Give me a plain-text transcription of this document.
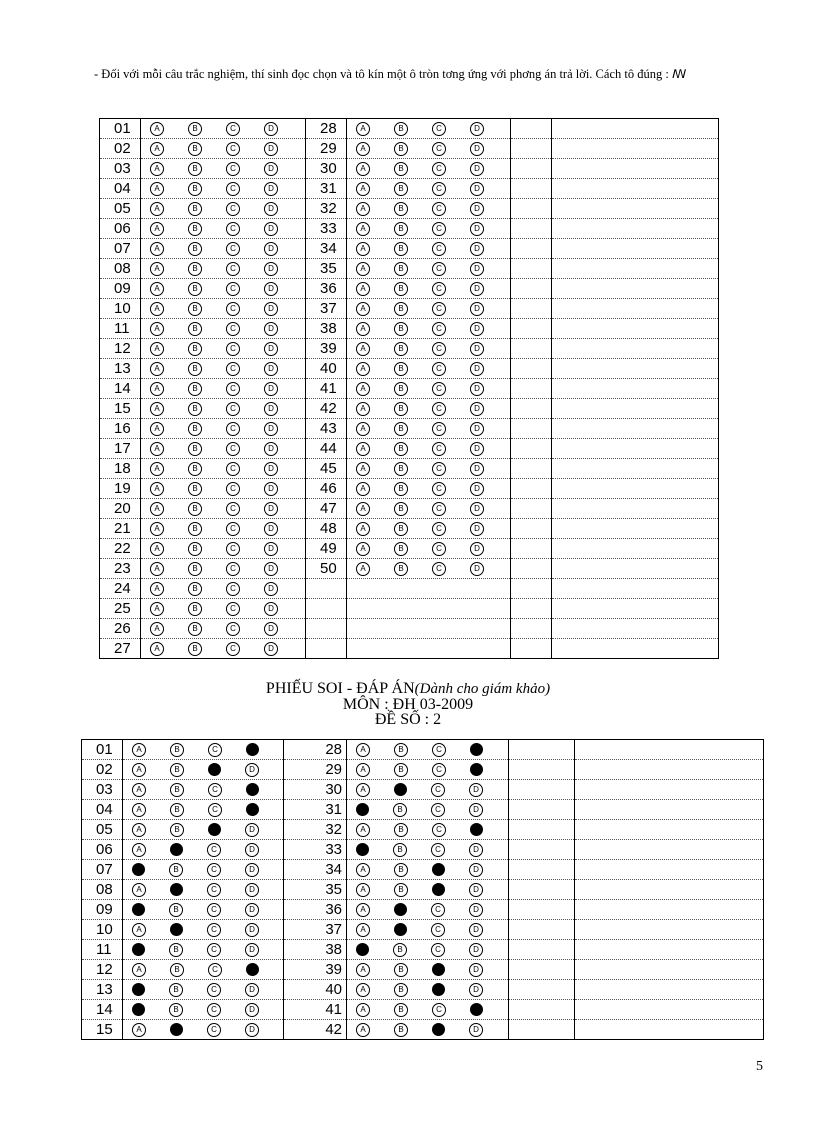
- Đối với mỗi câu trắc nghiệm, thí sinh đọc chọn và tô kín một ô tròn tơng ứng với phơng án trả lời. Cách tô đúng : ꟿ
01	A B C D	28	A B C D		

02	A B C D	29	A B C D		

03	A B C D	30	A B C D		

04	A B C D	31	A B C D		

05	A B C D	32	A B C D		

06	A B C D	33	A B C D		

07	A B C D	34	A B C D		

08	A B C D	35	A B C D		

09	A B C D	36	A B C D		

10	A B C D	37	A B C D		

11	A B C D	38	A B C D		

12	A B C D	39	A B C D		

13	A B C D	40	A B C D		

14	A B C D	41	A B C D		

15	A B C D	42	A B C D		

16	A B C D	43	A B C D		

17	A B C D	44	A B C D		

18	A B C D	45	A B C D		

19	A B C D	46	A B C D		

20	A B C D	47	A B C D		

21	A B C D	48	A B C D		

22	A B C D	49	A B C D		

23	A B C D	50	A B C D		

24	A B C D				

25	A B C D				

26	A B C D				

27	A B C D				

PHIẾU SOI - ĐÁP ÁN(Dành cho giám khảo)
MÔN : ĐH 03-2009
ĐỀ SỐ : 2
01	A B C	28	A B C		

02	A B D	29	A B C		

03	A B C	30	A C D		

04	A B C	31	B C D		

05	A B D	32	A B C		

06	A C D	33	B C D		

07	B C D	34	A B D		

08	A C D	35	A B D		

09	B C D	36	A C D		

10	A C D	37	A C D		

11	B C D	38	B C D		

12	A B C	39	A B D		

13	B C D	40	A B D		

14	B C D	41	A B C		

15	A C D	42	A B D		

5
